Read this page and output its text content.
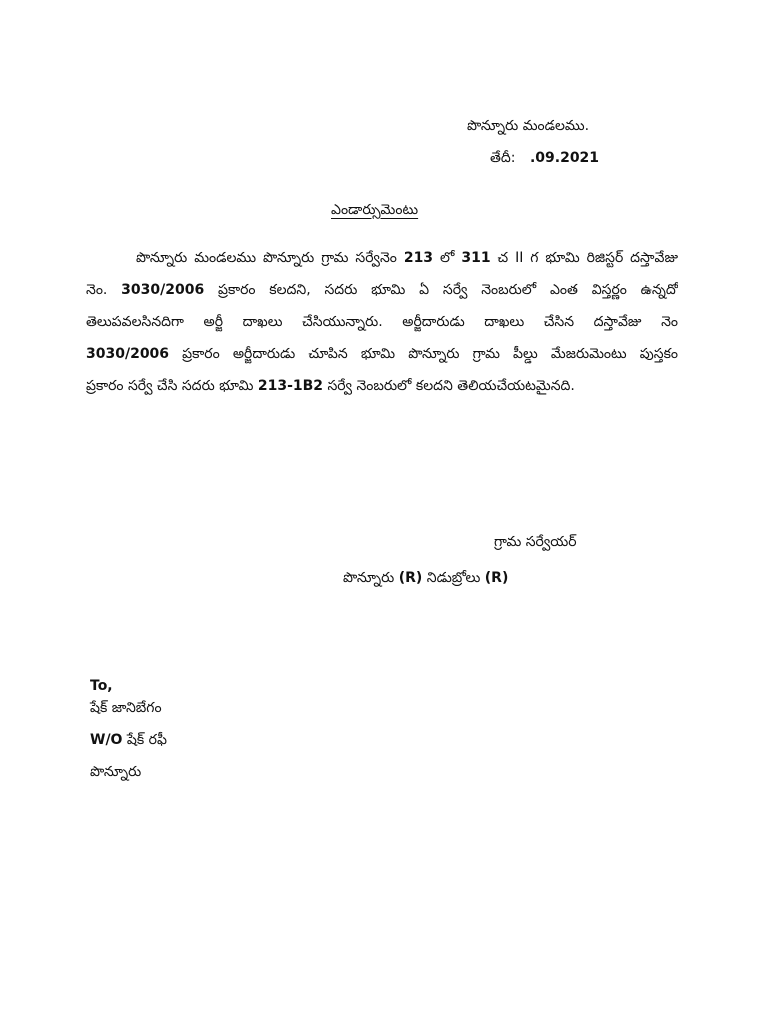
పొన్నూరు మండలము.
తేదీ: .09.2021
ఎండార్సుమెంటు
పొన్నూరు మండలము పొన్నూరు గ్రామ సర్వేనెం 213 లో 311 చ II గ భూమి రిజిస్టర్ దస్తావేజు
నెం. 3030/2006 ప్రకారం కలదని, సదరు భూమి ఏ సర్వే నెంబరులో ఎంత విస్తర్ణం ఉన్నదో
తెలుపవలసినదిగా అర్జీ దాఖలు చేసియున్నారు. అర్జీదారుడు దాఖలు చేసిన దస్తావేజు నెం
3030/2006 ప్రకారం అర్జీదారుడు చూపిన భూమి పొన్నూరు గ్రామ పీల్డు మేజరుమెంటు పుస్తకం
ప్రకారం సర్వే చేసి సదరు భూమి 213-1B2 సర్వే నెంబరులో కలదని తెలియచేయటమైనది.
గ్రామ సర్వేయర్
పొన్నూరు (R) నిడుబ్రోలు (R)
To,
షేక్ జానిబేగం
W/O షేక్ రఫీ
పొన్నూరు
